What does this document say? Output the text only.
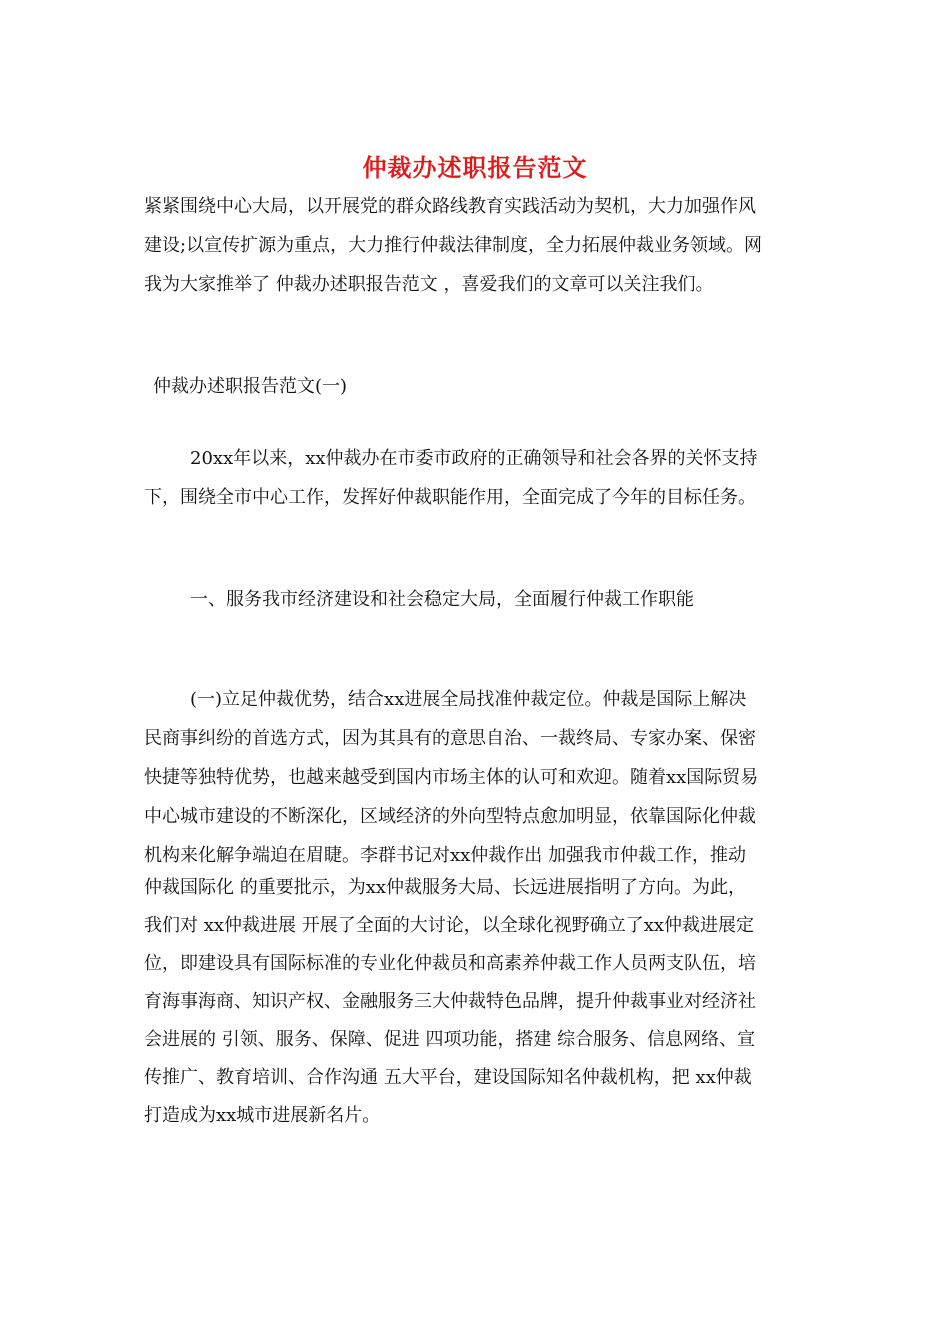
仲裁办述职报告范文
紧紧围绕中心大局，以开展党的群众路线教育实践活动为契机，大力加强作风
建设;以宣传扩源为重点，大力推行仲裁法律制度，全力拓展仲裁业务领域。网
我为大家推举了 仲裁办述职报告范文 ，喜爱我们的文章可以关注我们。
仲裁办述职报告范文(一)
20xx年以来，xx仲裁办在市委市政府的正确领导和社会各界的关怀支持
下，围绕全市中心工作，发挥好仲裁职能作用，全面完成了今年的目标任务。
一、服务我市经济建设和社会稳定大局，全面履行仲裁工作职能
(一)立足仲裁优势，结合xx进展全局找准仲裁定位。仲裁是国际上解决
民商事纠纷的首选方式，因为其具有的意思自治、一裁终局、专家办案、保密
快捷等独特优势，也越来越受到国内市场主体的认可和欢迎。随着xx国际贸易
中心城市建设的不断深化，区域经济的外向型特点愈加明显，依靠国际化仲裁
机构来化解争端迫在眉睫。李群书记对xx仲裁作出 加强我市仲裁工作，推动
仲裁国际化 的重要批示，为xx仲裁服务大局、长远进展指明了方向。为此，
我们对 xx仲裁进展 开展了全面的大讨论，以全球化视野确立了xx仲裁进展定
位，即建设具有国际标准的专业化仲裁员和高素养仲裁工作人员两支队伍，培
育海事海商、知识产权、金融服务三大仲裁特色品牌，提升仲裁事业对经济社
会进展的 引领、服务、保障、促进 四项功能，搭建 综合服务、信息网络、宣
传推广、教育培训、合作沟通 五大平台，建设国际知名仲裁机构，把 xx仲裁
打造成为xx城市进展新名片。
